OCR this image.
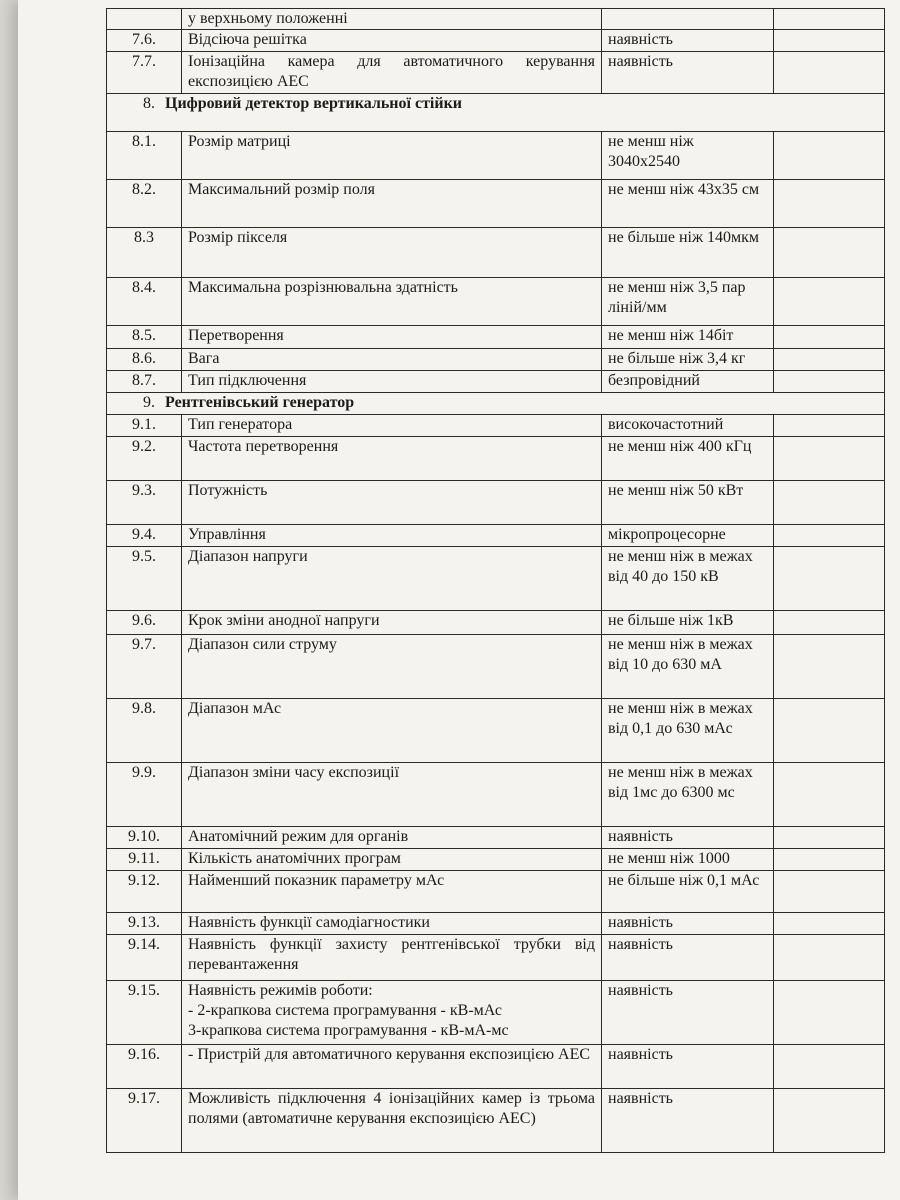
	у верхньому положенні		

7.6.	Відсіюча решітка	наявність	
7.7.	Іонізаційна камера для автоматичного керування експозицією АЕС	наявність	
8. Цифровий детектор вертикальної стійки			
8.1.	Розмір матриці	не менш ніж 3040х2540	
8.2.	Максимальний розмір поля	не менш ніж 43х35 см	
8.3	Розмір пікселя	не більше ніж 140мкм	
8.4.	Максимальна розрізнювальна здатність	не менш ніж 3,5 пар ліній/мм	
8.5.	Перетворення	не менш ніж 14біт	
8.6.	Вага	не більше ніж 3,4 кг	
8.7.	Тип підключення	безпровідний	
9. Рентгенівський генератор			
9.1.	Тип генератора	високочастотний	
9.2.	Частота перетворення	не менш ніж 400 кГц	
9.3.	Потужність	не менш ніж 50 кВт	
9.4.	Управління	мікропроцесорне	
9.5.	Діапазон напруги	не менш ніж в межах від 40 до 150 кВ	
9.6.	Крок зміни анодної напруги	не більше ніж 1кВ	
9.7.	Діапазон сили струму	не менш ніж в межах від 10 до 630 мА	
9.8.	Діапазон мАс	не менш ніж в межах від 0,1 до 630 мАс	
9.9.	Діапазон зміни часу експозиції	не менш ніж в межах від 1мс до 6300 мс	
9.10.	Анатомічний режим для органів	наявність	
9.11.	Кількість анатомічних програм	не менш ніж 1000	
9.12.	Найменший показник параметру мАс	не більше ніж 0,1 мАс	
9.13.	Наявність функції самодіагностики	наявність	
9.14.	Наявність функції захисту рентгенівської трубки від перевантаження	наявність	
9.15.	Наявність режимів роботи:
- 2-крапкова система програмування - кВ-мАс
3-крапкова система програмування - кВ-мА-мс	наявність	
9.16.	- Пристрій для автоматичного керування експозицією АЕС	наявність	
9.17.	Можливість підключення 4 іонізаційних камер із трьома полями (автоматичне керування експозицією АЕС)	наявність	
